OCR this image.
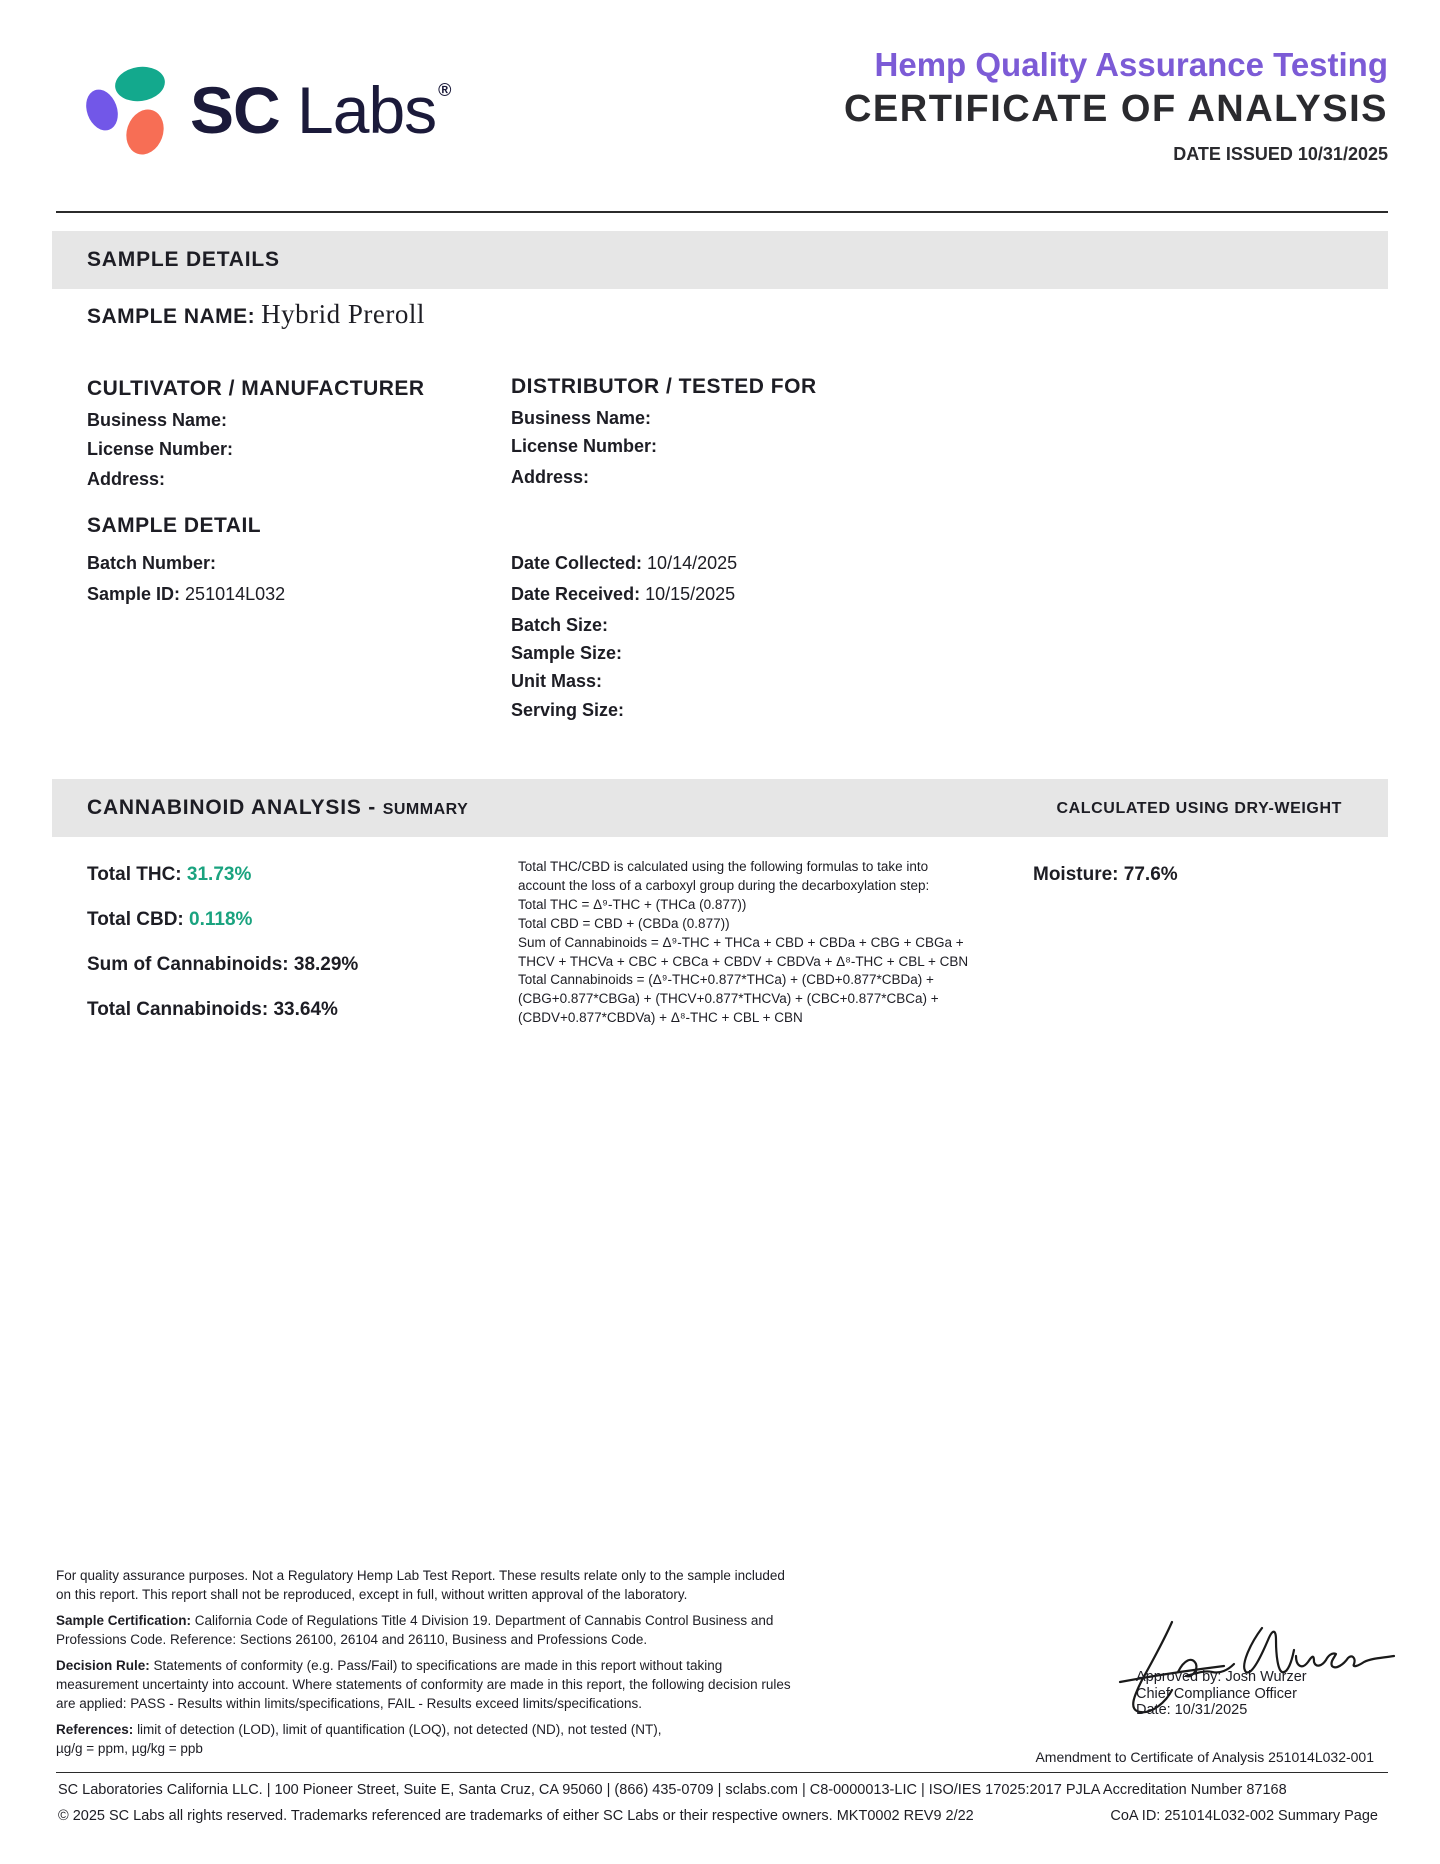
SC Labs ®
Hemp Quality Assurance Testing
CERTIFICATE OF ANALYSIS
DATE ISSUED 10/31/2025
SAMPLE DETAILS
SAMPLE NAME: Hybrid Preroll
CULTIVATOR / MANUFACTURER
Business Name:
License Number:
Address:
DISTRIBUTOR / TESTED FOR
Business Name:
License Number:
Address:
SAMPLE DETAIL
Batch Number:
Sample ID: 251014L032
Date Collected: 10/14/2025
Date Received: 10/15/2025
Batch Size:
Sample Size:
Unit Mass:
Serving Size:
CANNABINOID ANALYSIS - SUMMARY	CALCULATED USING DRY-WEIGHT
Total THC: 31.73%
Total CBD: 0.118%
Sum of Cannabinoids: 38.29%
Total Cannabinoids: 33.64%
Total THC/CBD is calculated using the following formulas to take into
account the loss of a carboxyl group during the decarboxylation step:
Total THC = Δ⁹-THC + (THCa (0.877))
Total CBD = CBD + (CBDa (0.877))
Sum of Cannabinoids = Δ⁹-THC + THCa + CBD + CBDa + CBG + CBGa +
THCV + THCVa + CBC + CBCa + CBDV + CBDVa + Δ⁸-THC + CBL + CBN
Total Cannabinoids = (Δ⁹-THC+0.877*THCa) + (CBD+0.877*CBDa) +
(CBG+0.877*CBGa) + (THCV+0.877*THCVa) + (CBC+0.877*CBCa) +
(CBDV+0.877*CBDVa) + Δ⁸-THC + CBL + CBN
Moisture: 77.6%

For quality assurance purposes. Not a Regulatory Hemp Lab Test Report. These results relate only to the sample included on this report. This report shall not be reproduced, except in full, without written approval of the laboratory.

Sample Certification: California Code of Regulations Title 4 Division 19. Department of Cannabis Control Business and Professions Code. Reference: Sections 26100, 26104 and 26110, Business and Professions Code.

Decision Rule: Statements of conformity (e.g. Pass/Fail) to specifications are made in this report without taking measurement uncertainty into account. Where statements of conformity are made in this report, the following decision rules are applied: PASS - Results within limits/specifications, FAIL - Results exceed limits/specifications.

References: limit of detection (LOD), limit of quantification (LOQ), not detected (ND), not tested (NT),
µg/g = ppm, µg/kg = ppb

Approved by: Josh Wurzer
Chief Compliance Officer
Date: 10/31/2025
Amendment to Certificate of Analysis 251014L032-001
SC Laboratories California LLC. | 100 Pioneer Street, Suite E, Santa Cruz, CA 95060 | (866) 435-0709 | sclabs.com | C8-0000013-LIC | ISO/IES 17025:2017 PJLA Accreditation Number 87168
© 2025 SC Labs all rights reserved. Trademarks referenced are trademarks of either SC Labs or their respective owners. MKT0002 REV9 2/22	CoA ID: 251014L032-002 Summary Page
